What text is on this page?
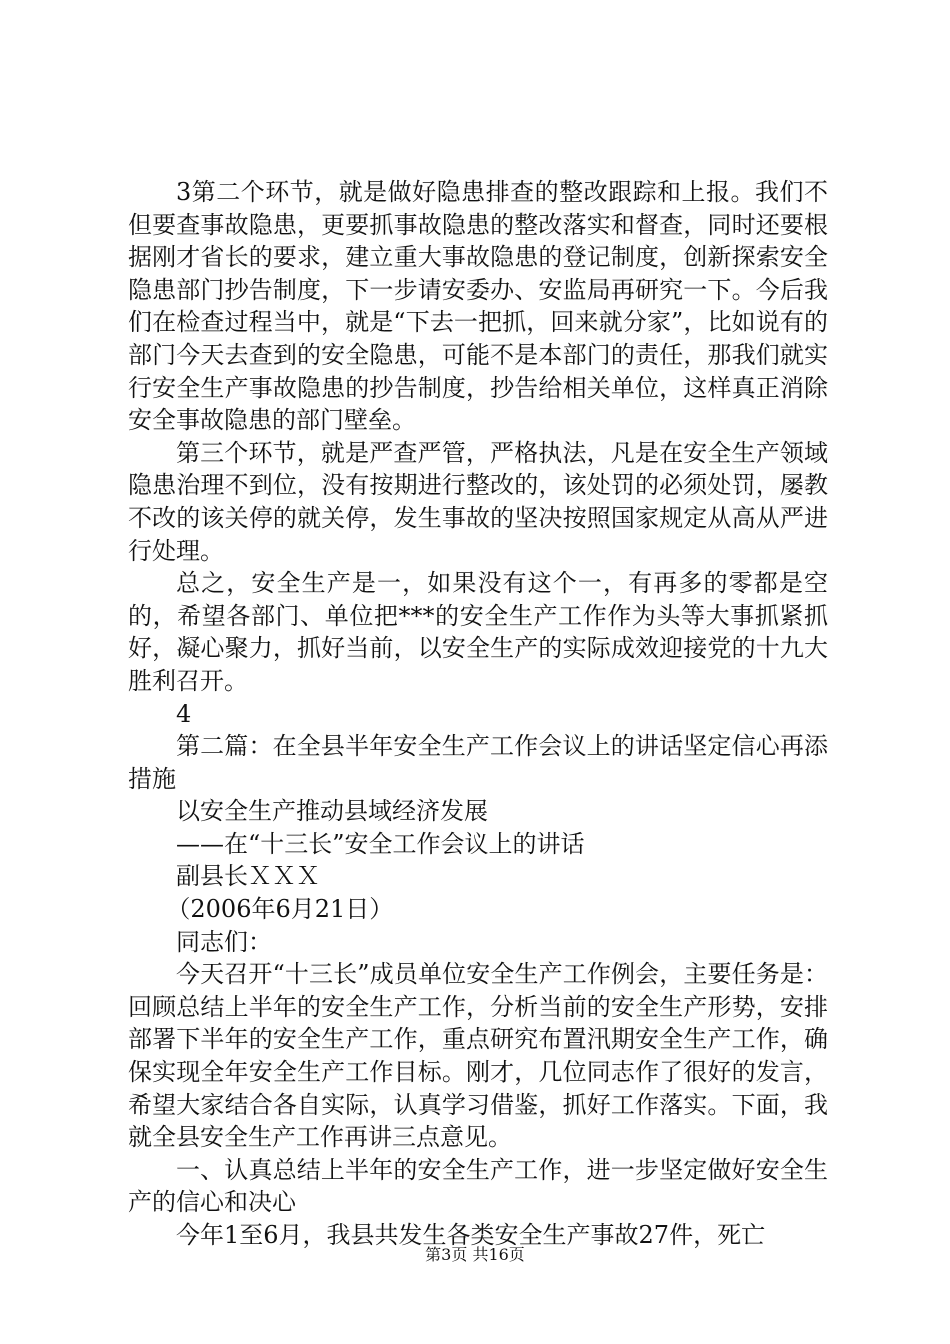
3第二个环节，就是做好隐患排查的整改跟踪和上报。我们不但要查事故隐患，更要抓事故隐患的整改落实和督查，同时还要根据刚才省长的要求，建立重大事故隐患的登记制度，创新探索安全隐患部门抄告制度，下一步请安委办、安监局再研究一下。今后我们在检查过程当中，就是“下去一把抓，回来就分家”，比如说有的部门今天去查到的安全隐患，可能不是本部门的责任，那我们就实行安全生产事故隐患的抄告制度，抄告给相关单位，这样真正消除安全事故隐患的部门壁垒。

第三个环节，就是严查严管，严格执法，凡是在安全生产领域隐患治理不到位，没有按期进行整改的，该处罚的必须处罚，屡教不改的该关停的就关停，发生事故的坚决按照国家规定从高从严进行处理。

总之，安全生产是一，如果没有这个一，有再多的零都是空的，希望各部门、单位把***的安全生产工作作为头等大事抓紧抓好，凝心聚力，抓好当前，以安全生产的实际成效迎接党的十九大胜利召开。

4

第二篇：在全县半年安全生产工作会议上的讲话坚定信心再添措施

以安全生产推动县域经济发展

——在“十三长”安全工作会议上的讲话

副县长ＸＸＸ

（2006年6月21日）

同志们：

今天召开“十三长”成员单位安全生产工作例会，主要任务是：回顾总结上半年的安全生产工作，分析当前的安全生产形势，安排部署下半年的安全生产工作，重点研究布置汛期安全生产工作，确保实现全年安全生产工作目标。刚才，几位同志作了很好的发言，希望大家结合各自实际，认真学习借鉴，抓好工作落实。下面，我就全县安全生产工作再讲三点意见。

一、认真总结上半年的安全生产工作，进一步坚定做好安全生产的信心和决心

今年1至6月，我县共发生各类安全生产事故27件，死亡

第3页 共16页
